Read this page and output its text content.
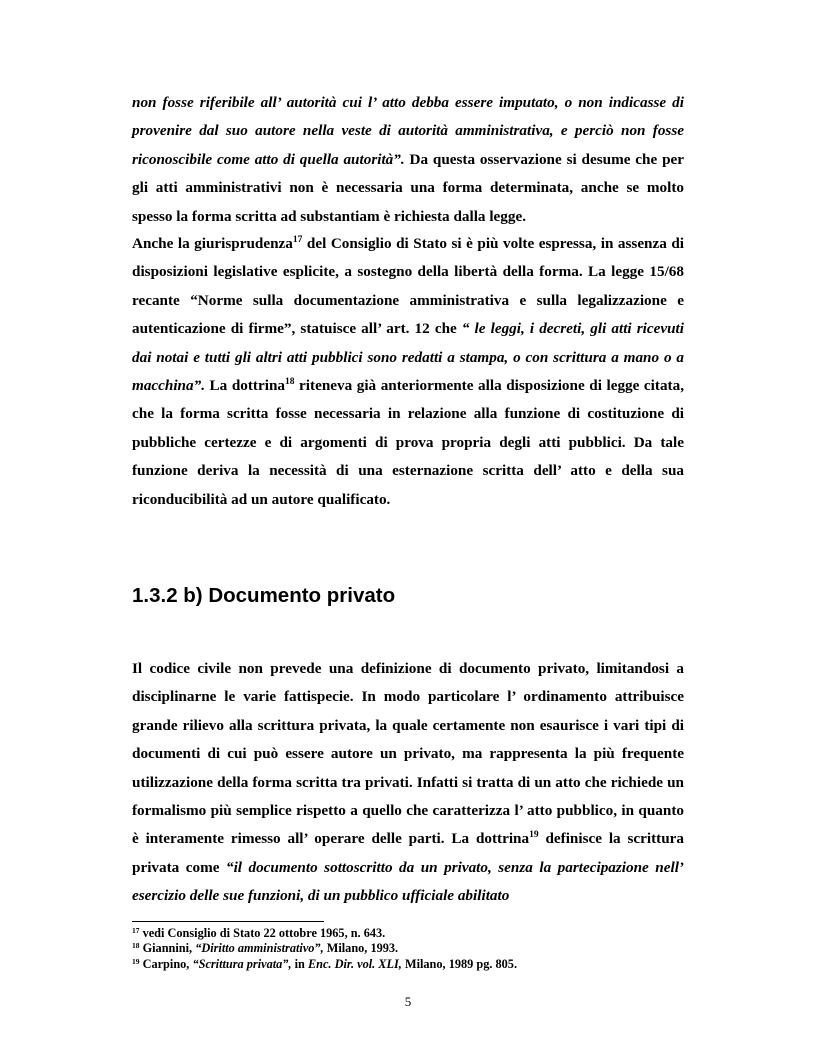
non fosse riferibile all’ autorità cui l’ atto debba essere imputato, o non indicasse di provenire dal suo autore nella veste di autorità amministrativa, e perciò non fosse riconoscibile come atto di quella autorità”. Da questa osservazione si desume che per gli atti amministrativi non è necessaria una forma determinata, anche se molto spesso la forma scritta ad substantiam è richiesta dalla legge.

Anche la giurisprudenza$^{17}$ del Consiglio di Stato si è più volte espressa, in assenza di disposizioni legislative esplicite, a sostegno della libertà della forma. La legge 15/68 recante “Norme sulla documentazione amministrativa e sulla legalizzazione e autenticazione di firme”, statuisce all’ art. 12 che “ le leggi, i decreti, gli atti ricevuti dai notai e tutti gli altri atti pubblici sono redatti a stampa, o con scrittura a mano o a macchina”. La dottrina$^{18}$ riteneva già anteriormente alla disposizione di legge citata, che la forma scritta fosse necessaria in relazione alla funzione di costituzione di pubbliche certezze e di argomenti di prova propria degli atti pubblici. Da tale funzione deriva la necessità di una esternazione scritta dell’ atto e della sua riconducibilità ad un autore qualificato.

1.3.2 b) Documento privato

Il codice civile non prevede una definizione di documento privato, limitandosi a disciplinarne le varie fattispecie. In modo particolare l’ ordinamento attribuisce grande rilievo alla scrittura privata, la quale certamente non esaurisce i vari tipi di documenti di cui può essere autore un privato, ma rappresenta la più frequente utilizzazione della forma scritta tra privati. Infatti si tratta di un atto che richiede un formalismo più semplice rispetto a quello che caratterizza l’ atto pubblico, in quanto è interamente rimesso all’ operare delle parti. La dottrina$^{19}$ definisce la scrittura privata come “il documento sottoscritto da un privato, senza la partecipazione nell’ esercizio delle sue funzioni, di un pubblico ufficiale abilitato

$^{17}$ vedi Consiglio di Stato 22 ottobre 1965, n. 643.
$^{18}$ Giannini, “Diritto amministrativo”, Milano, 1993.
$^{19}$ Carpino, “Scrittura privata”, in Enc. Dir. vol. XLI, Milano, 1989 pg. 805.
5
